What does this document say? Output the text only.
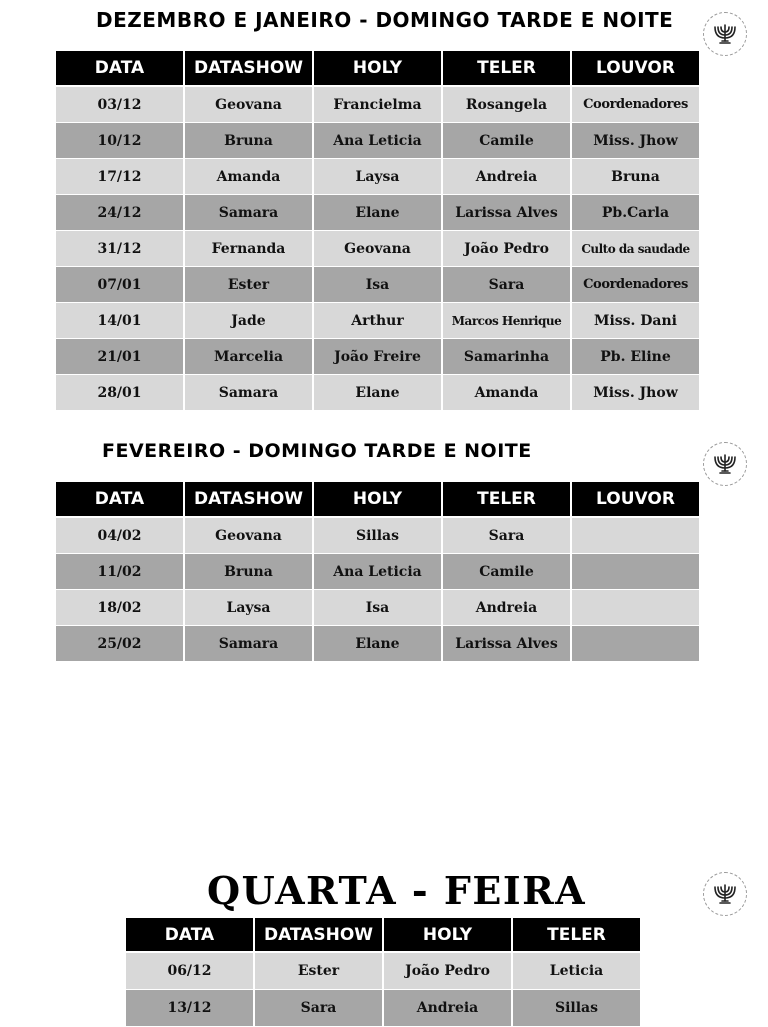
DEZEMBRO E JANEIRO - DOMINGO TARDE E NOITE
DATA	DATASHOW	HOLY	TELER	LOUVOR
03/12	Geovana	Francielma	Rosangela	Coordenadores
10/12	Bruna	Ana Leticia	Camile	Miss. Jhow
17/12	Amanda	Laysa	Andreia	Bruna
24/12	Samara	Elane	Larissa Alves	Pb.Carla
31/12	Fernanda	Geovana	João Pedro	Culto da saudade
07/01	Ester	Isa	Sara	Coordenadores
14/01	Jade	Arthur	Marcos Henrique	Miss. Dani
21/01	Marcelia	João Freire	Samarinha	Pb. Eline
28/01	Samara	Elane	Amanda	Miss. Jhow
FEVEREIRO - DOMINGO TARDE E NOITE
DATA	DATASHOW	HOLY	TELER	LOUVOR
04/02	Geovana	Sillas	Sara	
11/02	Bruna	Ana Leticia	Camile	
18/02	Laysa	Isa	Andreia	
25/02	Samara	Elane	Larissa Alves	
QUARTA - FEIRA
DATA	DATASHOW	HOLY	TELER
06/12	Ester	João Pedro	Leticia
13/12	Sara	Andreia	Sillas
